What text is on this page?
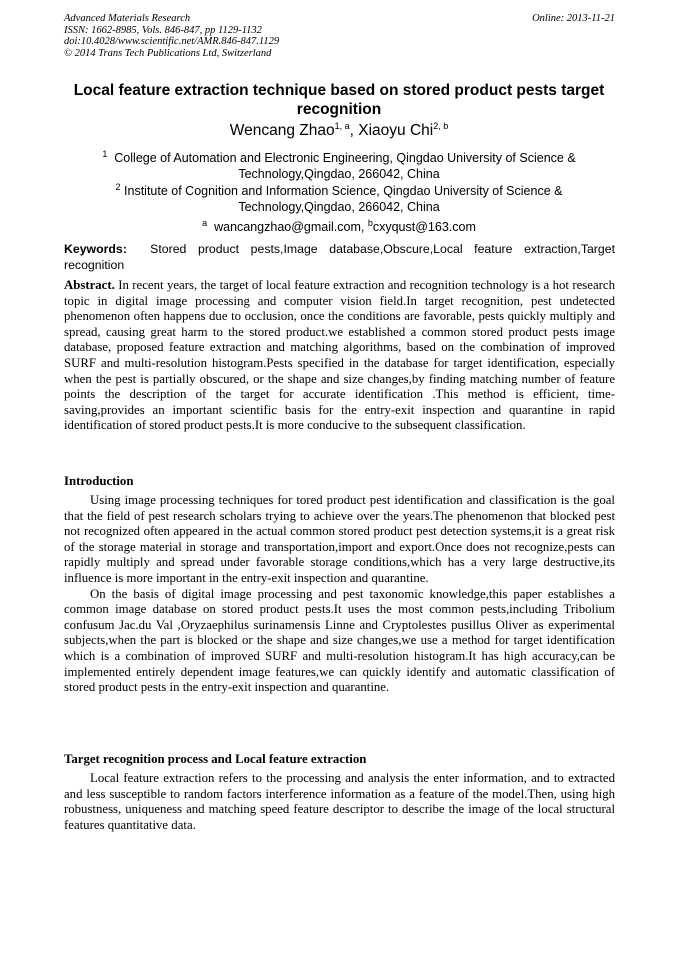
Advanced Materials Research
ISSN: 1662-8985, Vols. 846-847, pp 1129-1132
doi:10.4028/www.scientific.net/AMR.846-847.1129
© 2014 Trans Tech Publications Ltd, Switzerland
Online: 2013-11-21
Local feature extraction technique based on stored product pests target recognition
Wencang Zhao$^{1, a}$, Xiaoyu Chi$^{2, b}$
$^1$ College of Automation and Electronic Engineering, Qingdao University of Science & Technology,Qingdao, 266042, China
$^2$ Institute of Cognition and Information Science, Qingdao University of Science & Technology,Qingdao, 266042, China
$^a$ wancangzhao@gmail.com, $^b$cxyqust@163.com
Keywords: Stored product pests,Image database,Obscure,Local feature extraction,Target recognition
Abstract. In recent years, the target of local feature extraction and recognition technology is a hot research topic in digital image processing and computer vision field.In target recognition, pest undetected phenomenon often happens due to occlusion, once the conditions are favorable, pests quickly multiply and spread, causing great harm to the stored product.we established a common stored product pests image database, proposed feature extraction and matching algorithms, based on the combination of improved SURF and multi-resolution histogram.Pests specified in the database for target identification, especially when the pest is partially obscured, or the shape and size changes,by finding matching number of feature points the description of the target for accurate identification .This method is efficient, time-saving,provides an important scientific basis for the entry-exit inspection and quarantine in rapid identification of stored product pests.It is more conducive to the subsequent classification.
Introduction

Using image processing techniques for tored product pest identification and classification is the goal that the field of pest research scholars trying to achieve over the years.The phenomenon that blocked pest not recognized often appeared in the actual common stored product pest detection systems,it is a great risk of the storage material in storage and transportation,import and export.Once does not recognize,pests can rapidly multiply and spread under favorable storage conditions,which has a very large destructive,its influence is more important in the entry-exit inspection and quarantine.

On the basis of digital image processing and pest taxonomic knowledge,this paper establishes a common image database on stored product pests.It uses the most common pests,including Tribolium confusum Jac.du Val ,Oryzaephilus surinamensis Linne and Cryptolestes pusillus Oliver as experimental subjects,when the part is blocked or the shape and size changes,we use a method for target identification which is a combination of improved SURF and multi-resolution histogram.It has high accuracy,can be implemented entirely dependent image features,we can quickly identify and automatic classification of stored product pests in the entry-exit inspection and quarantine.

Target recognition process and Local feature extraction

Local feature extraction refers to the processing and analysis the enter information, and to extracted and less susceptible to random factors interference information as a feature of the model.Then, using high robustness, uniqueness and matching speed feature descriptor to describe the image of the local structural features quantitative data.
